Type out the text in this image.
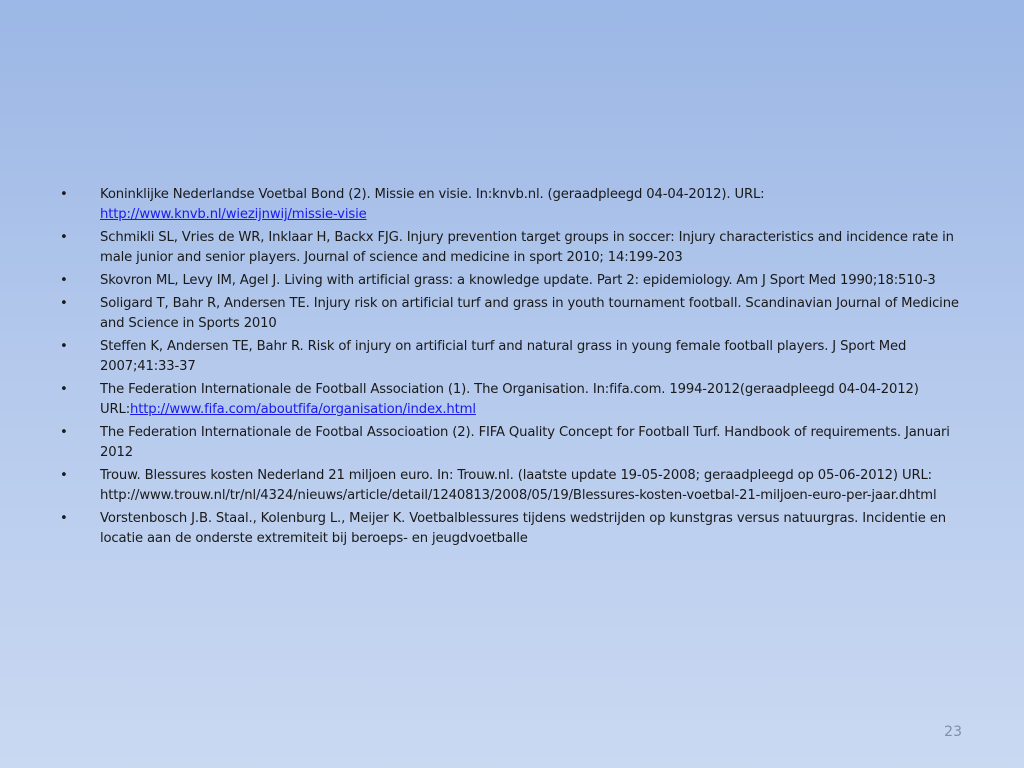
•	Koninklijke Nederlandse Voetbal Bond (2). Missie en visie. In:knvb.nl. (geraadpleegd 04-04-2012). URL: http://www.knvb.nl/wiezijnwij/missie-visie
•	Schmikli SL, Vries de WR, Inklaar H, Backx FJG. Injury prevention target groups in soccer: Injury characteristics and incidence rate in male junior and senior players. Journal of science and medicine in sport 2010; 14:199-203
•	Skovron ML, Levy IM, Agel J. Living with artificial grass: a knowledge update. Part 2: epidemiology. Am J Sport Med 1990;18:510-3
•	Soligard T, Bahr R, Andersen TE. Injury risk on artificial turf and grass in youth tournament football. Scandinavian Journal of Medicine and Science in Sports 2010
•	Steffen K, Andersen TE, Bahr R. Risk of injury on artificial turf and natural grass in young female football players. J Sport Med 2007;41:33-37
•	The Federation Internationale de Football Association (1). The Organisation. In:fifa.com. 1994-2012(geraadpleegd 04-04-2012) URL:http://www.fifa.com/aboutfifa/organisation/index.html
•	The Federation Internationale de Footbal Associoation (2). FIFA Quality Concept for Football Turf. Handbook of requirements. Januari 2012
•	Trouw. Blessures kosten Nederland 21 miljoen euro. In: Trouw.nl. (laatste update 19-05-2008; geraadpleegd op 05-06-2012) URL: http://www.trouw.nl/tr/nl/4324/nieuws/article/detail/1240813/2008/05/19/Blessures-kosten-voetbal-21-miljoen-euro-per-jaar.dhtml
•	Vorstenbosch J.B. Staal., Kolenburg L., Meijer K. Voetbalblessures tijdens wedstrijden op kunstgras versus natuurgras. Incidentie en locatie aan de onderste extremiteit bij beroeps- en jeugdvoetballe
23
